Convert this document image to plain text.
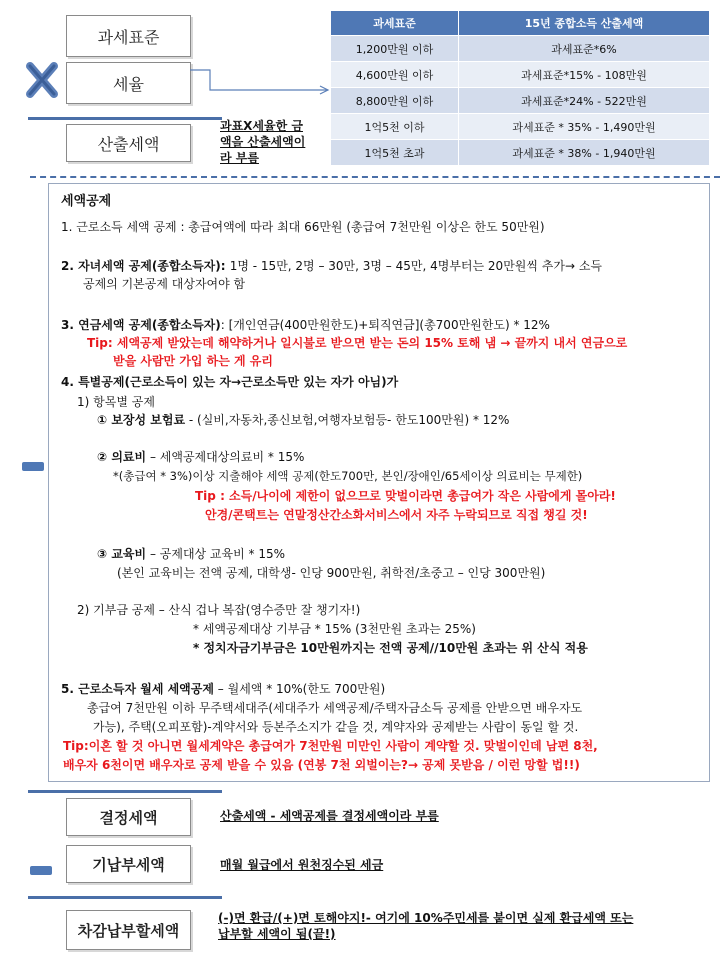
과세표준
세율
산출세액
과표X세율한 금
액을 산출세액이
라 부름
과세표준	15년 종합소득 산출세액
1,200만원 이하	과세표준*6%
4,600만원 이하	과세표준*15% - 108만원
8,800만원 이하	과세표준*24% - 522만원
1억5천 이하	과세표준 * 35% - 1,490만원
1억5천 초과	과세표준 * 38% - 1,940만원
세액공제
1. 근로소득 세액 공제 : 총급여액에 따라 최대 66만원 (총급여 7천만원 이상은 한도 50만원)
2. 자녀세액 공제(종합소득자): 1명 - 15만, 2명 – 30만, 3명 – 45만, 4명부터는 20만원씩 추가→ 소득
공제의 기본공제 대상자여야 함
3. 연금세액 공제(종합소득자): [개인연금(400만원한도)+퇴직연금](총700만원한도) * 12%
Tip: 세액공제 받았는데 해약하거나 일시불로 받으면 받는 돈의 15% 토해 냄 → 끝까지 내서 연금으로
받을 사람만 가입 하는 게 유리
4. 특별공제(근로소득이 있는 자→근로소득만 있는 자가 아님)가
1) 항목별 공제
① 보장성 보험료 - (실비,자동차,종신보험,여행자보험등- 한도100만원) * 12%
② 의료비 – 세액공제대상의료비 * 15%
*(총급여 * 3%)이상 지출해야 세액 공제(한도700만, 본인/장애인/65세이상 의료비는 무제한)
Tip : 소득/나이에 제한이 없으므로 맞벌이라면 총급여가 작은 사람에게 몰아라!
안경/콘택트는 연말정산간소화서비스에서 자주 누락되므로 직접 챙길 것!
③ 교육비 – 공제대상 교육비 * 15%
(본인 교육비는 전액 공제, 대학생- 인당 900만원, 취학전/초중고 – 인당 300만원)
2) 기부금 공제 – 산식 겁나 복잡(영수증만 잘 챙기자!)
* 세액공제대상 기부금 * 15% (3천만원 초과는 25%)
* 정치자금기부금은 10만원까지는 전액 공제//10만원 초과는 위 산식 적용
5. 근로소득자 월세 세액공제 – 월세액 * 10%(한도 700만원)
총급여 7천만원 이하 무주택세대주(세대주가 세액공제/주택자금소득 공제를 안받으면 배우자도
가능), 주택(오피포함)-계약서와 등본주소지가 같을 것, 계약자와 공제받는 사람이 동일 할 것.
Tip:이혼 할 것 아니면 월세계약은 총급여가 7천만원 미만인 사람이 계약할 것. 맞벌이인데 남편 8천,
배우자 6천이면 배우자로 공제 받을 수 있음 (연봉 7천 외벌이는?→ 공제 못받음 / 이런 망할 법!!)
결정세액	산출세액 - 세액공제를 결정세액이라 부름
기납부세액	매월 월급에서 원천징수된 세금
차감납부할세액
(-)면 환급/(+)면 토해야지!- 여기에 10%주민세를 붙이면 실제 환급세액 또는
납부할 세액이 됨(끝!)
